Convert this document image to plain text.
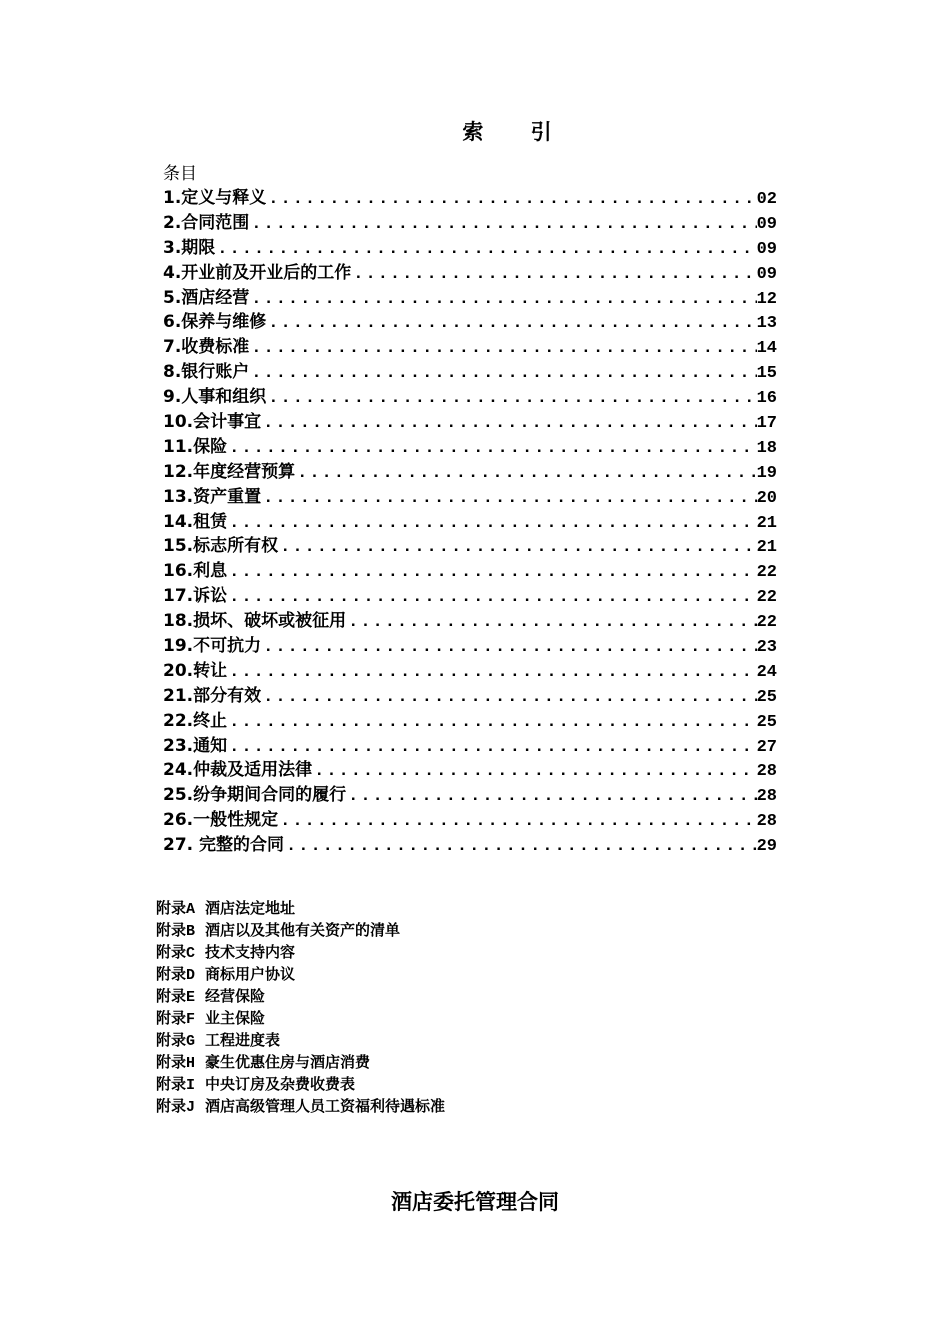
索 引
条目
1.定义与释义 .....	02
2.合同范围 .....	09
3.期限 .....	09
4.开业前及开业后的工作 .....	09
5.酒店经营 .....	12
6.保养与维修 .....	13
7.收费标准 .....	14
8.银行账户 .....	15
9.人事和组织 .....	16
10.会计事宜 .....	17
11.保险 .....	18
12.年度经营预算 .....	19
13.资产重置 .....	20
14.租赁 .....	21
15.标志所有权 .....	21
16.利息 .....	22
17.诉讼 .....	22
18.损坏、破坏或被征用 .....	22
19.不可抗力 .....	23
20.转让 .....	24
21.部分有效 .....	25
22.终止 .....	25
23.通知 .....	27
24.仲裁及适用法律 .....	28
25.纷争期间合同的履行 .....	28
26.一般性规定 .....	28
27. 完整的合同 .....	29
附录A 酒店法定地址
附录B 酒店以及其他有关资产的清单
附录C 技术支持内容
附录D 商标用户协议
附录E 经营保险
附录F 业主保险
附录G 工程进度表
附录H 豪生优惠住房与酒店消费
附录I 中央订房及杂费收费表
附录J 酒店高级管理人员工资福利待遇标准
酒店委托管理合同
